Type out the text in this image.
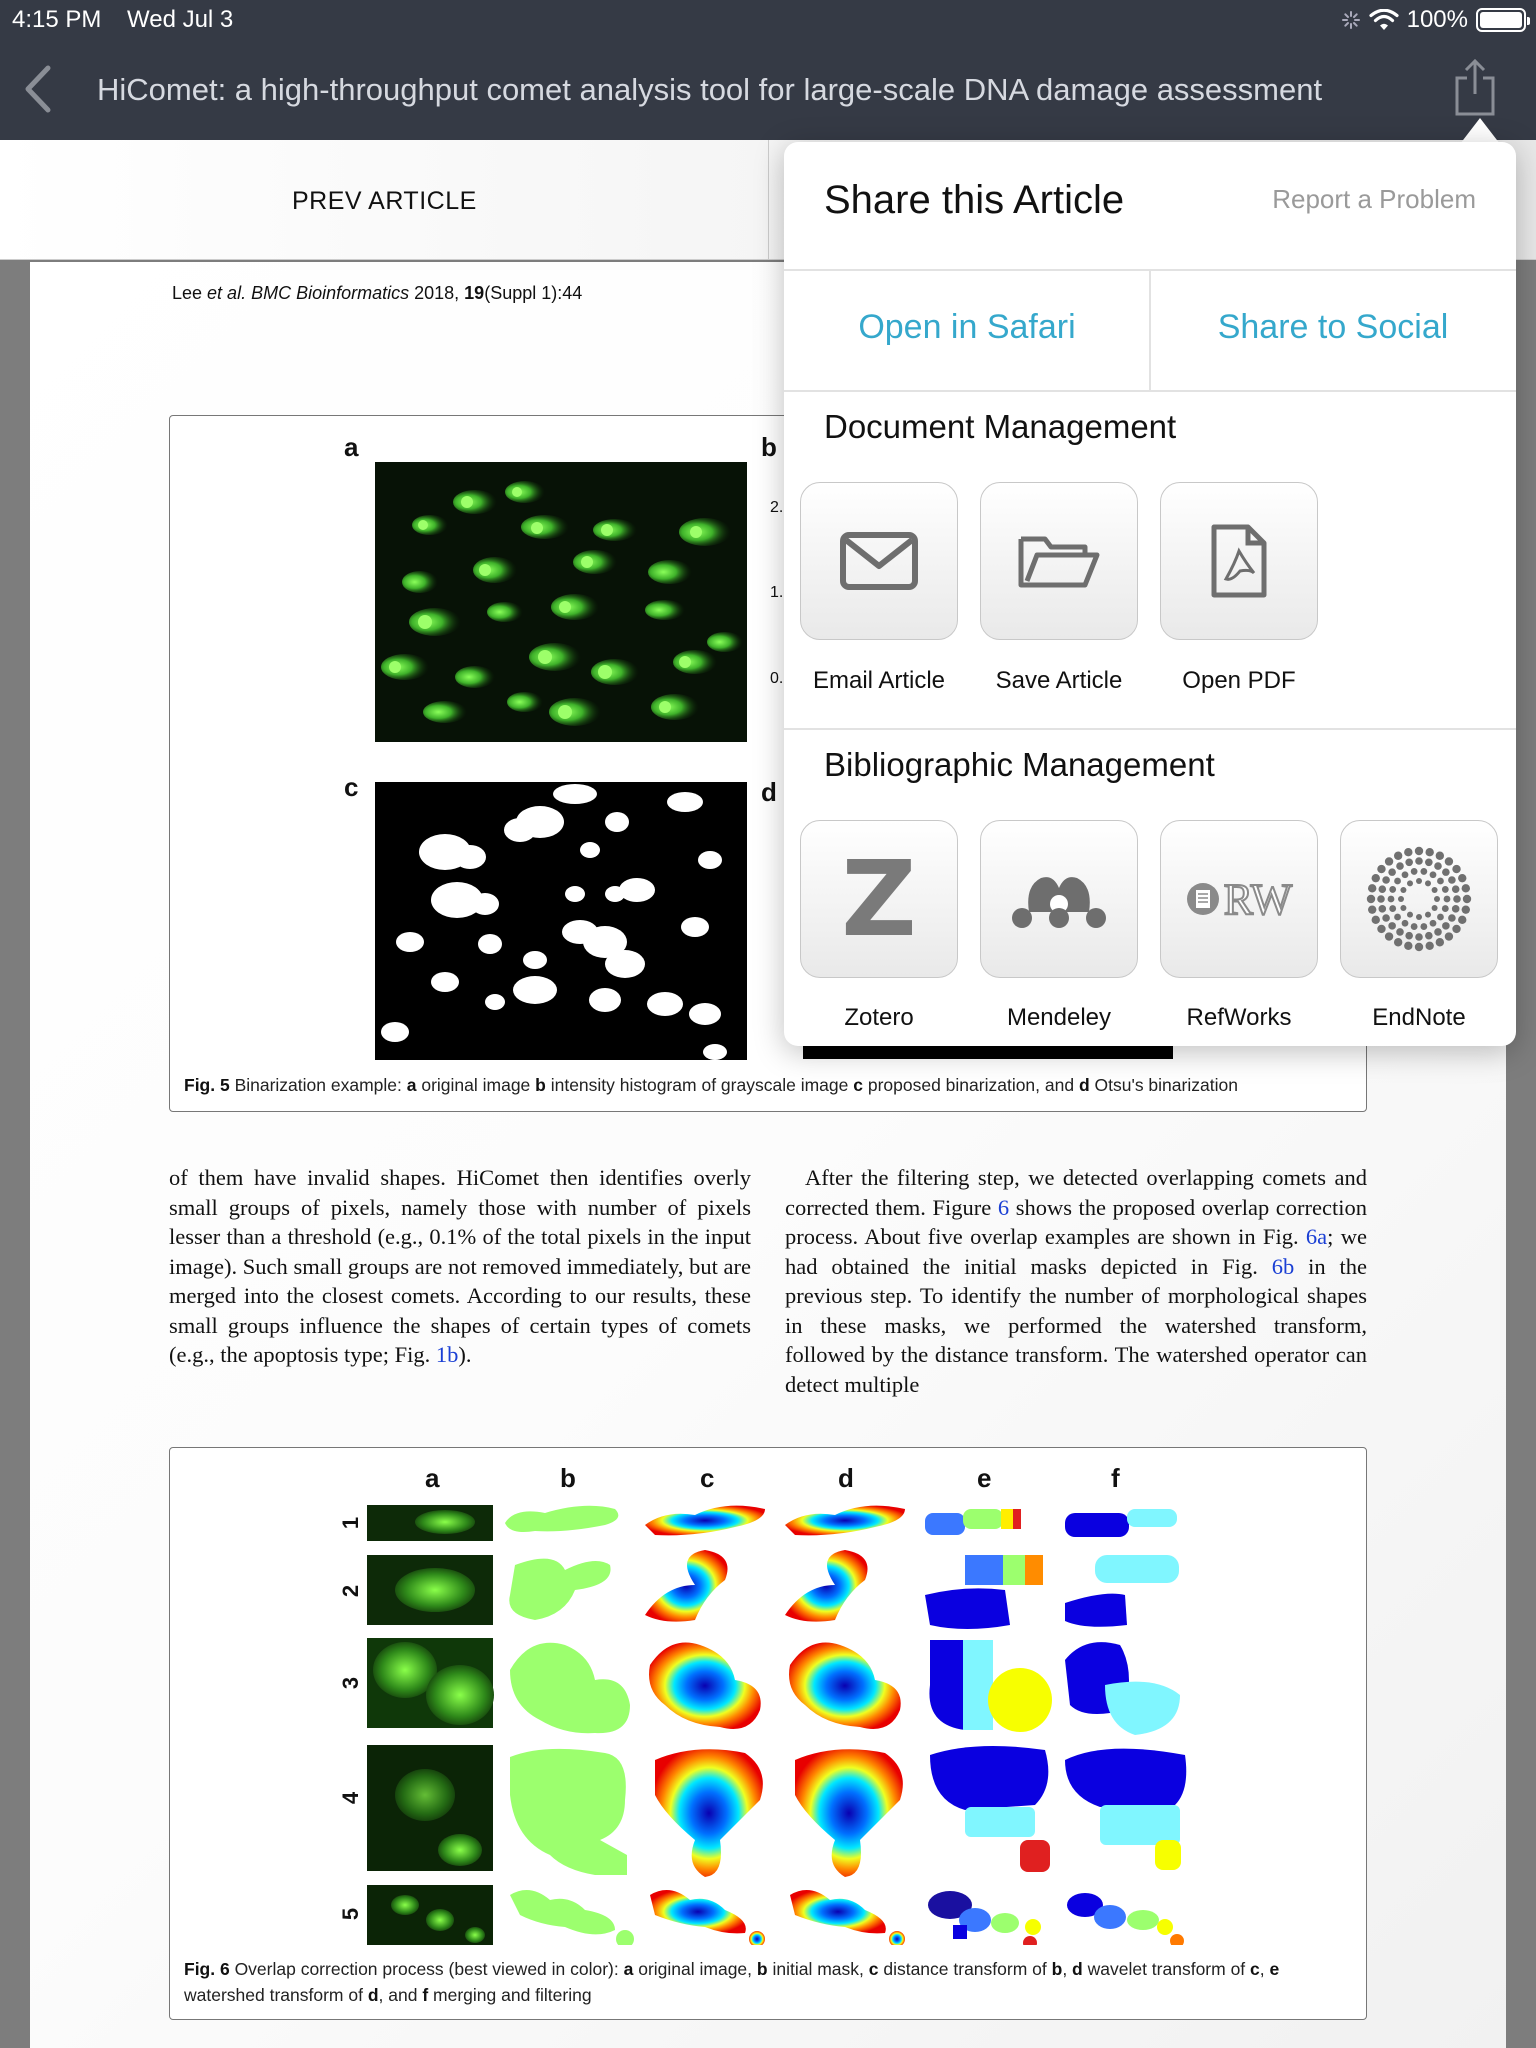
4:15 PM Wed Jul 3	100%
HiComet: a high-throughput comet analysis tool for large-scale DNA damage assessment
PREV ARTICLE
Lee et al. BMC Bioinformatics 2018, 19(Suppl 1):44
a	b
c	d
2.
1.
0.
Fig. 5 Binarization example: a original image b intensity histogram of grayscale image c proposed binarization, and d Otsu's binarization
of them have invalid shapes. HiComet then identifies overly small groups of pixels, namely those with number of pixels lesser than a threshold (e.g., 0.1% of the total pixels in the input image). Such small groups are not removed immediately, but are merged into the closest comets. According to our results, these small groups influence the shapes of certain types of comets (e.g., the apoptosis type; Fig. 1b).
After the filtering step, we detected overlapping comets and corrected them. Figure 6 shows the proposed overlap correction process. About five overlap examples are shown in Fig. 6a; we had obtained the initial masks depicted in Fig. 6b in the previous step. To identify the number of morphological shapes in these masks, we performed the watershed transform, followed by the distance transform. The watershed operator can detect multiple
a	b	c	d	e	f
1
2
3
4
5
Fig. 6 Overlap correction process (best viewed in color): a original image, b initial mask, c distance transform of b, d wavelet transform of c, e watershed transform of d, and f merging and filtering
Share this Article	Report a Problem
Open in Safari	Share to Social
Document Management
Email Article	Save Article	Open PDF
Bibliographic Management
Z
Zotero	Mendeley
RW
RefWorks	EndNote
